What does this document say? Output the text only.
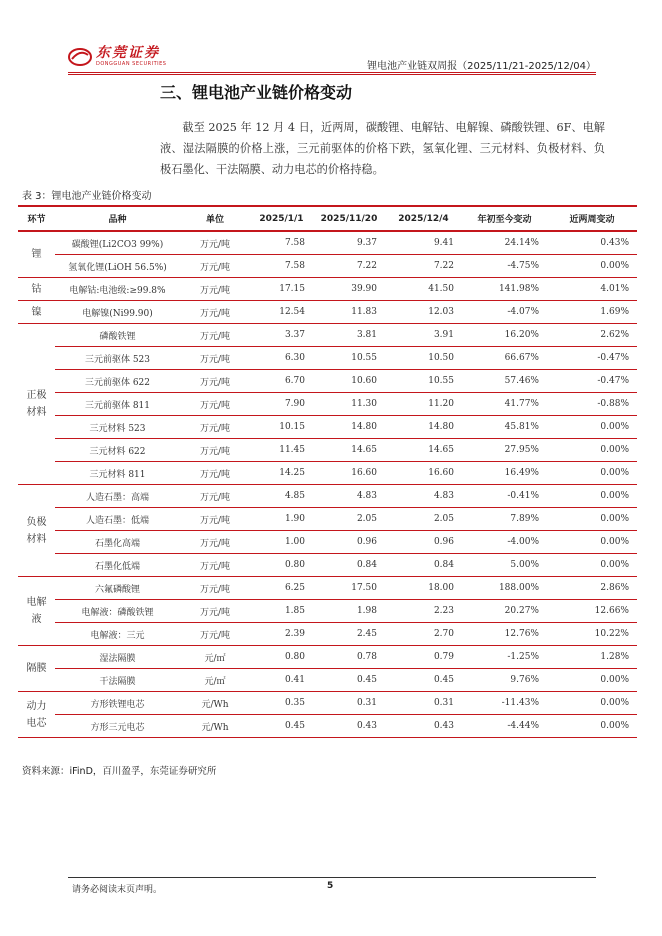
东莞证券
DONGGUAN SECURITIES	锂电池产业链双周报（2025/11/21-2025/12/04）
三、锂电池产业链价格变动

截至 2025 年 12 月 4 日，近两周，碳酸锂、电解钴、电解镍、磷酸铁锂、6F、电解液、湿法隔膜的价格上涨，三元前驱体的价格下跌，氢氧化锂、三元材料、负极材料、负极石墨化、干法隔膜、动力电芯的价格持稳。

表 3：锂电池产业链价格变动
环节	品种	单位	2025/1/1	2025/11/20	2025/12/4	年初至今变动	近两周变动
锂	碳酸锂(Li2CO3 99%)	万元/吨	7.58	9.37	9.41	24.14%	0.43%
	氢氧化锂(LiOH 56.5%)	万元/吨	7.58	7.22	7.22	-4.75%	0.00%
钴	电解钴:电池级:≥99.8%	万元/吨	17.15	39.90	41.50	141.98%	4.01%
镍	电解镍(Ni99.90)	万元/吨	12.54	11.83	12.03	-4.07%	1.69%
正极材料	磷酸铁锂	万元/吨	3.37	3.81	3.91	16.20%	2.62%
	三元前驱体 523	万元/吨	6.30	10.55	10.50	66.67%	-0.47%
	三元前驱体 622	万元/吨	6.70	10.60	10.55	57.46%	-0.47%
	三元前驱体 811	万元/吨	7.90	11.30	11.20	41.77%	-0.88%
	三元材料 523	万元/吨	10.15	14.80	14.80	45.81%	0.00%
	三元材料 622	万元/吨	11.45	14.65	14.65	27.95%	0.00%
	三元材料 811	万元/吨	14.25	16.60	16.60	16.49%	0.00%
负极材料	人造石墨：高端	万元/吨	4.85	4.83	4.83	-0.41%	0.00%
	人造石墨：低端	万元/吨	1.90	2.05	2.05	7.89%	0.00%
	石墨化高端	万元/吨	1.00	0.96	0.96	-4.00%	0.00%
	石墨化低端	万元/吨	0.80	0.84	0.84	5.00%	0.00%
电解液	六氟磷酸锂	万元/吨	6.25	17.50	18.00	188.00%	2.86%
	电解液：磷酸铁锂	万元/吨	1.85	1.98	2.23	20.27%	12.66%
	电解液：三元	万元/吨	2.39	2.45	2.70	12.76%	10.22%
隔膜	湿法隔膜	元/㎡	0.80	0.78	0.79	-1.25%	1.28%
	干法隔膜	元/㎡	0.41	0.45	0.45	9.76%	0.00%
动力电芯	方形铁锂电芯	元/Wh	0.35	0.31	0.31	-11.43%	0.00%
	方形三元电芯	元/Wh	0.45	0.43	0.43	-4.44%	0.00%
资料来源：iFinD，百川盈孚，东莞证券研究所
请务必阅读末页声明。	5
